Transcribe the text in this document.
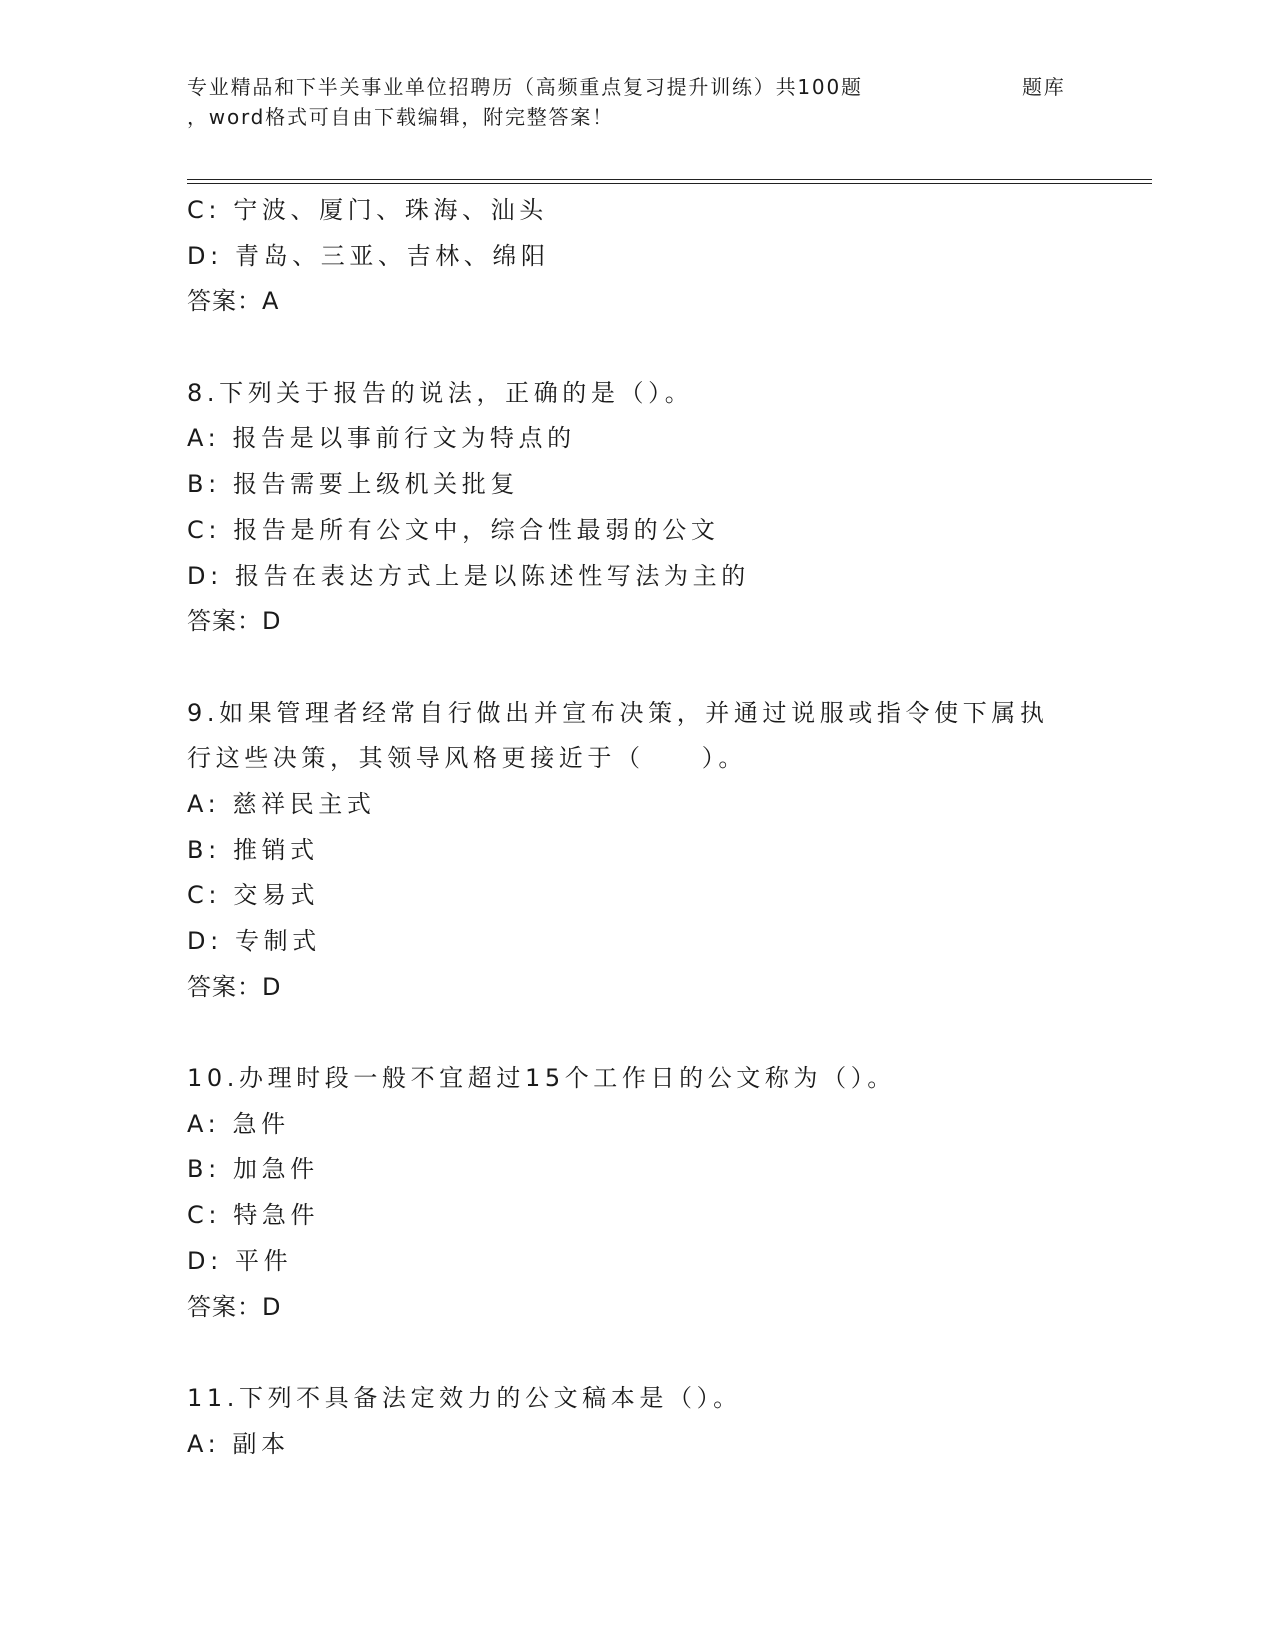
专业精品和下半关事业单位招聘历（高频重点复习提升训练）共100题	题库
，word格式可自由下载编辑，附完整答案！
C: 宁波、厦门、珠海、汕头
D: 青岛、三亚、吉林、绵阳
答案：A
8.下列关于报告的说法，正确的是（）。
A: 报告是以事前行文为特点的
B: 报告需要上级机关批复
C: 报告是所有公文中，综合性最弱的公文
D: 报告在表达方式上是以陈述性写法为主的
答案：D
9.如果管理者经常自行做出并宣布决策，并通过说服或指令使下属执
行这些决策，其领导风格更接近于（　　）。
A: 慈祥民主式
B: 推销式
C: 交易式
D: 专制式
答案：D
10.办理时段一般不宜超过15个工作日的公文称为（）。
A: 急件
B: 加急件
C: 特急件
D: 平件
答案：D
11.下列不具备法定效力的公文稿本是（）。
A: 副本
